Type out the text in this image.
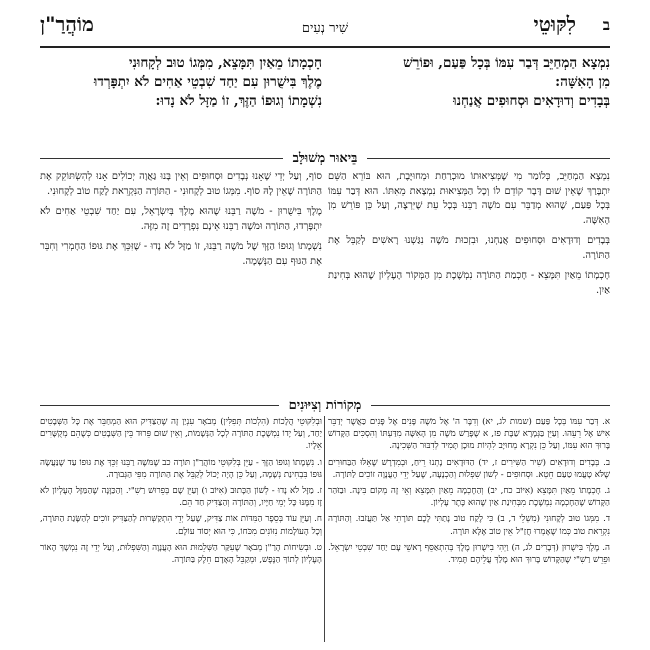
ב
לִקּוּטֵי
שִׁיר נְעִים
מוֹהֲרַ"ן

נִמְצָא הַמְחַיֵּב דְּבַר עִמּוֹ בְּכָל פַּעַם, וּפוֹרֵשׁ

מִן הָאִשָּׁה:

בְּבָדִים וְדוּדָאִים וּסְחוּפִים אֲנַחְנוּ

חָכְמָתוֹ מֵאַיִן תִּמָּצֵא, מִמְּגוֹ טוּב לְקָחוּנִי

מֶלֶךְ בִּישֻׁרוּן עִם יַחַד שִׁבְטֵי אַחִים לֹא יִתְפָּרְדוּ

נִשְׁמָתוֹ וְגוּפוֹ הַזֶּךְ, זוֹ מַזָּל לֹא נָדוּ:

בֵּיאוּר מְשׁוּלָּב

נִמְצָא הַמְחַיֵּב, כְּלוֹמַר מִי שֶׁמְּצִיאוּתוֹ מוּכְרַחַת וּמְחוּיֶּבֶת, הוּא בּוֹרֵא הַשֵּׁם יִתְבָּרַךְ שֶׁאֵין שׁוּם דָּבָר קוֹדֵם לוֹ וְכָל הַמְּצִיאוּת נִמְצָאת מֵאִתּוֹ. הוּא דְּבַר עִמּוֹ בְּכָל פַּעַם, שֶׁהוּא מְדַבֵּר עִם מֹשֶׁה רַבֵּנוּ בְּכָל עֵת שֶׁיִּרְצֶה, וְעַל כֵּן פּוֹרֵשׁ מִן הָאִשָּׁה.

בְּבָדִים וְדוּדָאִים וּסְחוּפִים אֲנַחְנוּ, וּבִזְכוּת מֹשֶׁה נִגַּשְׁנוּ רָאשִׁים לְקַבֵּל אֶת הַתּוֹרָה.

חָכְמָתוֹ מֵאַיִן תִּמָּצֵא - חָכְמַת הַתּוֹרָה נִמְשֶׁכֶת מִן הַמְּקוֹר הָעֶלְיוֹן שֶׁהוּא בְּחִינַת אַיִן.

סוֹף, וְעַל יְדֵי שֶׁאָנוּ נְבָדִים וּסְחוּפִים וְאֵין בָּנוּ גַּאֲוָה יְכוֹלִים אָנוּ לְהִשְׂתּוֹקֵק אֶת הַתּוֹרָה שֶׁאֵין לָהּ סוֹף. מִמְּגוֹ טוּב לְקָחוּנִי - הַתּוֹרָה הַנִּקְרֵאת לֶקַח טוֹב לְקָחוּנִי.

מֶלֶךְ בִּישֻׁרוּן - מֹשֶׁה רַבֵּנוּ שֶׁהוּא מֶלֶךְ בְּיִשְׂרָאֵל, עִם יַחַד שִׁבְטֵי אַחִים לֹא יִתְפָּרְדוּ, הַתּוֹרָה וּמֹשֶׁה רַבֵּנוּ אֵינָם נִפְרָדִים זֶה מִזֶּה.

נִשְׁמָתוֹ וְגוּפוֹ הַזֶּךְ שֶׁל מֹשֶׁה רַבֵּנוּ, זוֹ מַזָּל לֹא נָדוּ - שֶׁזִּכֵּךְ אֶת גּוּפוֹ הַחָמְרִי וְחִבֵּר אֶת הַגּוּף עִם הַנְּשָׁמָה.

מְקוֹרוֹת וְצִיּוּנִים

א. דְּבַר עִמּוֹ בְּכָל פַּעַם (שמות לג, יא) וְדִבֶּר ה' אֶל מֹשֶׁה פָּנִים אֶל פָּנִים כַּאֲשֶׁר יְדַבֵּר אִישׁ אֶל רֵעֵהוּ. וְעַיֵּן בַּגְּמָרָא שַׁבָּת פז, א שֶׁפָּרַשׁ מֹשֶׁה מִן הָאִשָּׁה מִדַּעְתּוֹ וְהִסְכִּים הַקָּדוֹשׁ בָּרוּךְ הוּא עִמּוֹ, וְעַל כֵּן נִקְרָא מְחוּיָּב לִהְיוֹת מוּכָן תָּמִיד לְדִבּוּר הַשְּׁכִינָה.

ב. בְּבָדִים וְדוּדָאִים (שִׁיר הַשִּׁירִים ז, יד) הַדּוּדָאִים נָתְנוּ רֵיחַ, וּבְמִדְרָשׁ שֶׁאֵלּוּ הַבַּחוּרִים שֶׁלֹּא טָעֲמוּ טַעַם חֵטְא. וּסְחוּפִים - לְשׁוֹן שִׁפְלוּת וְהַכְנָעָה, שֶׁעַל יְדֵי הָעֲנָוָה זוֹכִים לַתּוֹרָה.

ג. חָכְמָתוֹ מֵאַיִן תִּמָּצֵא (אִיּוֹב כח, יב) וְהַחָכְמָה מֵאַיִן תִּמָּצֵא וְאֵי זֶה מְקוֹם בִּינָה. וּבַזֹּהַר הַקָּדוֹשׁ שֶׁהַחָכְמָה נִמְשֶׁכֶת מִבְּחִינַת אַיִן שֶׁהוּא כֶּתֶר עֶלְיוֹן.

ד. מִמְּגוֹ טוּב לְקָחוּנִי (מִשְׁלֵי ד, ב) כִּי לֶקַח טוֹב נָתַתִּי לָכֶם תּוֹרָתִי אַל תַּעֲזֹבוּ. וְהַתּוֹרָה נִקְרֵאת טוֹב כְּמוֹ שֶׁאָמְרוּ חֲזַ"ל אֵין טוֹב אֶלָּא תּוֹרָה.

ה. מֶלֶךְ בִּישֻׁרוּן (דְּבָרִים לג, ה) וַיְהִי בִישֻׁרוּן מֶלֶךְ בְּהִתְאַסֵּף רָאשֵׁי עָם יַחַד שִׁבְטֵי יִשְׂרָאֵל. וּפֵרֵשׁ רַשִׁ"י שֶׁהַקָּדוֹשׁ בָּרוּךְ הוּא מָלַךְ עֲלֵיהֶם תָּמִיד.

וּבְלִקּוּטֵי הֲלָכוֹת (הִלְכוֹת תְּפִלִּין) מְבֹאָר עִנְיַן זֶה שֶׁהַצַּדִּיק הוּא הַמְחַבֵּר אֶת כָּל הַשְּׁבָטִים יַחַד, וְעַל יָדוֹ נִמְשֶׁכֶת הַתּוֹרָה לְכָל הַנְּשָׁמוֹת, וְאֵין שׁוּם פֵּרוּד בֵּין הַשְּׁבָטִים כְּשֶׁהֵם מְקֻשָּׁרִים אֵלָיו.

ו. נִשְׁמָתוֹ וְגוּפוֹ הַזֶּךְ - עַיֵּן בְּלִקּוּטֵי מוֹהֲרַ"ן תּוֹרָה כב שֶׁמֹּשֶׁה רַבֵּנוּ זִכֵּךְ אֶת גּוּפוֹ עַד שֶׁנַּעֲשָׂה גּוּפוֹ בִּבְחִינַת נְשָׁמָה, וְעַל כֵּן הָיָה יָכוֹל לְקַבֵּל אֶת הַתּוֹרָה מִפִּי הַגְּבוּרָה.

ז. מַזָּל לֹא נָדוּ - לְשׁוֹן הַכָּתוּב (אִיּוֹב ו) וְעַיֵּן שָׁם בְּפֵרוּשׁ רַשִׁ"י. וְהַכַּוָּנָה שֶׁהַמַּזָּל הָעֶלְיוֹן לֹא זָז מִמֶּנּוּ כָּל יְמֵי חַיָּיו, וְהַתּוֹרָה וְהַצַּדִּיק חַד הֵם.

ח. וְעַיֵּן עוֹד בְּסֵפֶר הַמִּדּוֹת אוֹת צַדִּיק, שֶׁעַל יְדֵי הִתְקַשְּׁרוּת לְהַצַּדִּיק זוֹכִים לְהַשָּׂגַת הַתּוֹרָה, וְכָל הָעוֹלָמוֹת נִזּוֹנִים מִכֹּחוֹ, כִּי הוּא יְסוֹד עוֹלָם.

ט. וּבְשִׂיחוֹת הָרַ"ן מְבֹאָר שֶׁעִקַּר הַשְּׁלֵמוּת הוּא הָעֲנָוָה וְהַשִּׁפְלוּת, וְעַל יְדֵי זֶה נִמְשָׁךְ הָאוֹר הָעֶלְיוֹן לְתוֹךְ הַנֶּפֶשׁ, וּמְקַבֵּל הָאָדָם חֵלֶק בַּתּוֹרָה.
